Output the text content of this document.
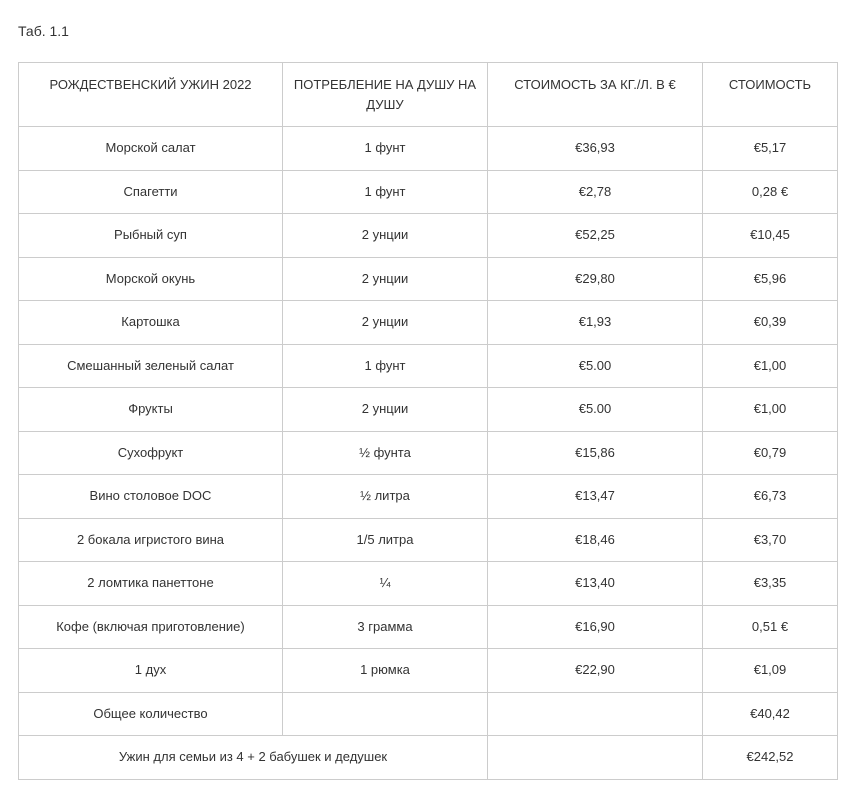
Таб. 1.1
РОЖДЕСТВЕНСКИЙ УЖИН 2022	ПОТРЕБЛЕНИЕ НА ДУШУ НА ДУШУ	СТОИМОСТЬ ЗА КГ./Л. В €	СТОИМОСТЬ
Морской салат	1 фунт	€36,93	€5,17
Спагетти	1 фунт	€2,78	0,28 €
Рыбный суп	2 унции	€52,25	€10,45
Морской окунь	2 унции	€29,80	€5,96
Картошка	2 унции	€1,93	€0,39
Смешанный зеленый салат	1 фунт	€5.00	€1,00
Фрукты	2 унции	€5.00	€1,00
Сухофрукт	½ фунта	€15,86	€0,79
Вино столовое DOC	½ литра	€13,47	€6,73
2 бокала игристого вина	1/5 литра	€18,46	€3,70
2 ломтика панеттоне	¼	€13,40	€3,35
Кофе (включая приготовление)	3 грамма	€16,90	0,51 €
1 дух	1 рюмка	€22,90	€1,09
Общее количество			€40,42
Ужин для семьи из 4 + 2 бабушек и дедушек			€242,52
